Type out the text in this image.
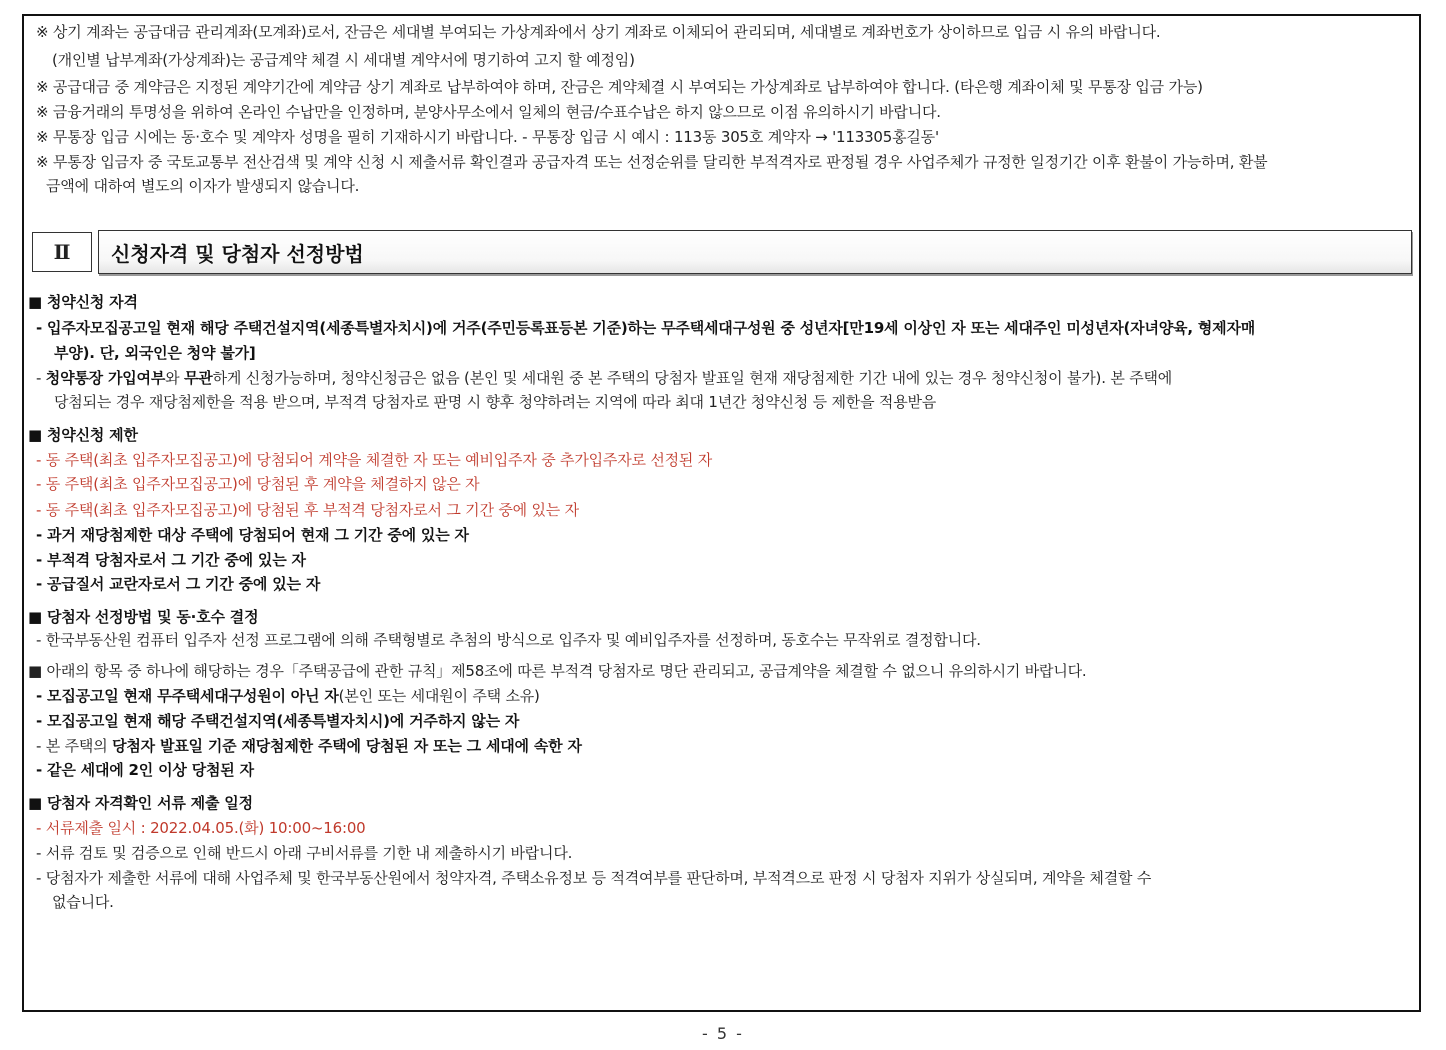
※ 상기 계좌는 공급대금 관리계좌(모계좌)로서, 잔금은 세대별 부여되는 가상계좌에서 상기 계좌로 이체되어 관리되며, 세대별로 계좌번호가 상이하므로 입금 시 유의 바랍니다.
(개인별 납부계좌(가상계좌)는 공급계약 체결 시 세대별 계약서에 명기하여 고지 할 예정임)
※ 공급대금 중 계약금은 지정된 계약기간에 계약금 상기 계좌로 납부하여야 하며, 잔금은 계약체결 시 부여되는 가상계좌로 납부하여야 합니다. (타은행 계좌이체 및 무통장 입금 가능)
※ 금융거래의 투명성을 위하여 온라인 수납만을 인정하며, 분양사무소에서 일체의 현금/수표수납은 하지 않으므로 이점 유의하시기 바랍니다.
※ 무통장 입금 시에는 동·호수 및 계약자 성명을 필히 기재하시기 바랍니다. - 무통장 입금 시 예시 : 113동 305호 계약자 → '113305홍길동'
※ 무통장 입금자 중 국토교통부 전산검색 및 계약 신청 시 제출서류 확인결과 공급자격 또는 선정순위를 달리한 부적격자로 판정될 경우 사업주체가 규정한 일정기간 이후 환불이 가능하며, 환불
금액에 대하여 별도의 이자가 발생되지 않습니다.
Ⅱ	신청자격 및 당첨자 선정방법
■ 청약신청 자격
- 입주자모집공고일 현재 해당 주택건설지역(세종특별자치시)에 거주(주민등록표등본 기준)하는 무주택세대구성원 중 성년자[만19세 이상인 자 또는 세대주인 미성년자(자녀양육, 형제자매
부양). 단, 외국인은 청약 불가]
- 청약통장 가입여부와 무관하게 신청가능하며, 청약신청금은 없음 (본인 및 세대원 중 본 주택의 당첨자 발표일 현재 재당첨제한 기간 내에 있는 경우 청약신청이 불가). 본 주택에
당첨되는 경우 재당첨제한을 적용 받으며, 부적격 당첨자로 판명 시 향후 청약하려는 지역에 따라 최대 1년간 청약신청 등 제한을 적용받음
■ 청약신청 제한
- 동 주택(최초 입주자모집공고)에 당첨되어 계약을 체결한 자 또는 예비입주자 중 추가입주자로 선정된 자
- 동 주택(최초 입주자모집공고)에 당첨된 후 계약을 체결하지 않은 자
- 동 주택(최초 입주자모집공고)에 당첨된 후 부적격 당첨자로서 그 기간 중에 있는 자
- 과거 재당첨제한 대상 주택에 당첨되어 현재 그 기간 중에 있는 자
- 부적격 당첨자로서 그 기간 중에 있는 자
- 공급질서 교란자로서 그 기간 중에 있는 자
■ 당첨자 선정방법 및 동·호수 결정
- 한국부동산원 컴퓨터 입주자 선정 프로그램에 의해 주택형별로 추첨의 방식으로 입주자 및 예비입주자를 선정하며, 동호수는 무작위로 결정합니다.
■ 아래의 항목 중 하나에 해당하는 경우「주택공급에 관한 규칙」제58조에 따른 부적격 당첨자로 명단 관리되고, 공급계약을 체결할 수 없으니 유의하시기 바랍니다.
- 모집공고일 현재 무주택세대구성원이 아닌 자(본인 또는 세대원이 주택 소유)
- 모집공고일 현재 해당 주택건설지역(세종특별자치시)에 거주하지 않는 자
- 본 주택의 당첨자 발표일 기준 재당첨제한 주택에 당첨된 자 또는 그 세대에 속한 자
- 같은 세대에 2인 이상 당첨된 자
■ 당첨자 자격확인 서류 제출 일정
- 서류제출 일시 : 2022.04.05.(화) 10:00~16:00
- 서류 검토 및 검증으로 인해 반드시 아래 구비서류를 기한 내 제출하시기 바랍니다.
- 당첨자가 제출한 서류에 대해 사업주체 및 한국부동산원에서 청약자격, 주택소유정보 등 적격여부를 판단하며, 부적격으로 판정 시 당첨자 지위가 상실되며, 계약을 체결할 수
없습니다.
- 5 -
